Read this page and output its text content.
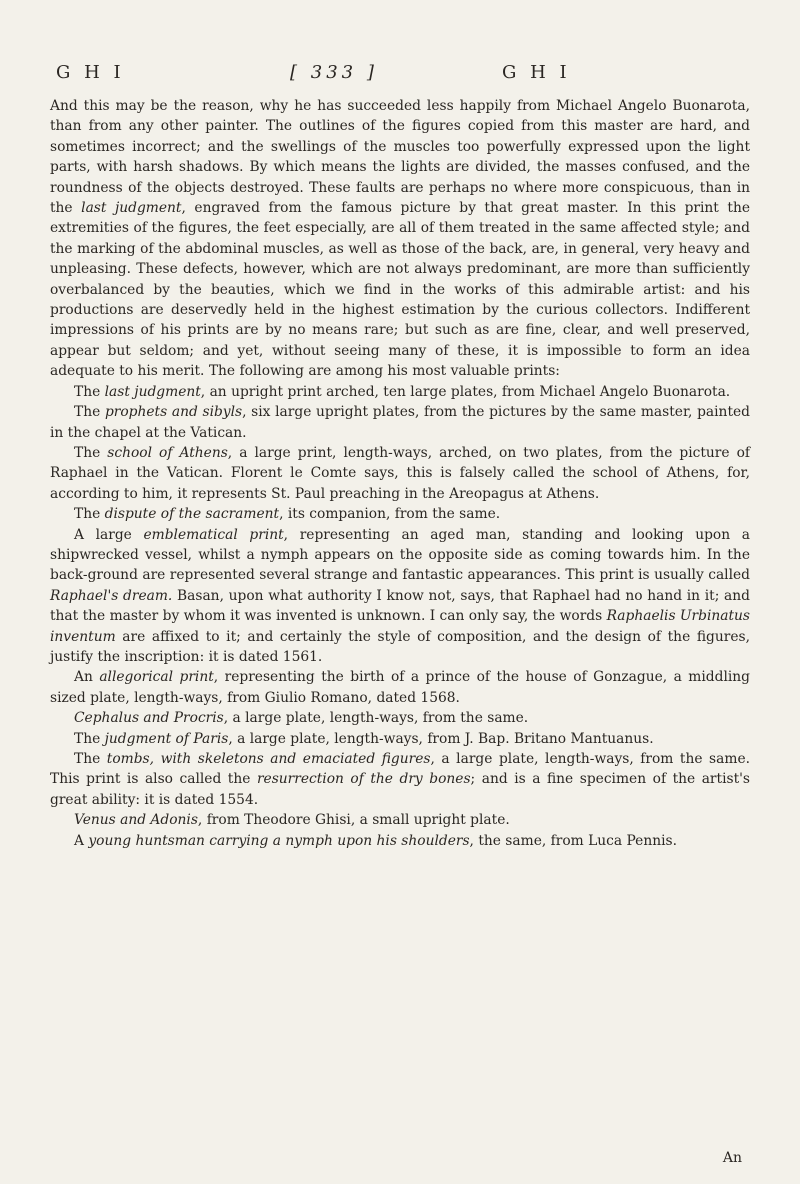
G H I	[ 333 ]	G H I

And this may be the reason, why he has succeeded less happily from Michael Angelo Buonarota, than from any other painter. The outlines of the figures copied from this master are hard, and sometimes incorrect; and the swellings of the muscles too powerfully expressed upon the light parts, with harsh shadows. By which means the lights are divided, the masses confused, and the roundness of the objects destroyed. These faults are perhaps no where more conspicuous, than in the last judgment, engraved from the famous picture by that great master. In this print the extremities of the figures, the feet especially, are all of them treated in the same affected style; and the marking of the abdominal muscles, as well as those of the back, are, in general, very heavy and unpleasing. These defects, however, which are not always predominant, are more than sufficiently overbalanced by the beauties, which we find in the works of this admirable artist: and his productions are deservedly held in the highest estimation by the curious collectors. Indifferent impressions of his prints are by no means rare; but such as are fine, clear, and well preserved, appear but seldom; and yet, without seeing many of these, it is impossible to form an idea adequate to his merit. The following are among his most valuable prints:

The last judgment, an upright print arched, ten large plates, from Michael Angelo Buonarota.

The prophets and sibyls, six large upright plates, from the pictures by the same master, painted in the chapel at the Vatican.

The school of Athens, a large print, length-ways, arched, on two plates, from the picture of Raphael in the Vatican. Florent le Comte says, this is falsely called the school of Athens, for, according to him, it represents St. Paul preaching in the Areopagus at Athens.

The dispute of the sacrament, its companion, from the same.

A large emblematical print, representing an aged man, standing and looking upon a shipwrecked vessel, whilst a nymph appears on the opposite side as coming towards him. In the back-ground are represented several strange and fantastic appearances. This print is usually called Raphael's dream. Basan, upon what authority I know not, says, that Raphael had no hand in it; and that the master by whom it was invented is unknown. I can only say, the words Raphaelis Urbinatus inventum are affixed to it; and certainly the style of composition, and the design of the figures, justify the inscription: it is dated 1561.

An allegorical print, representing the birth of a prince of the house of Gonzague, a middling sized plate, length-ways, from Giulio Romano, dated 1568.

Cephalus and Procris, a large plate, length-ways, from the same.

The judgment of Paris, a large plate, length-ways, from J. Bap. Britano Mantuanus.

The tombs, with skeletons and emaciated figures, a large plate, length-ways, from the same. This print is also called the resurrection of the dry bones; and is a fine specimen of the artist's great ability: it is dated 1554.

Venus and Adonis, from Theodore Ghisi, a small upright plate.

A young huntsman carrying a nymph upon his shoulders, the same, from Luca Pennis.

An
